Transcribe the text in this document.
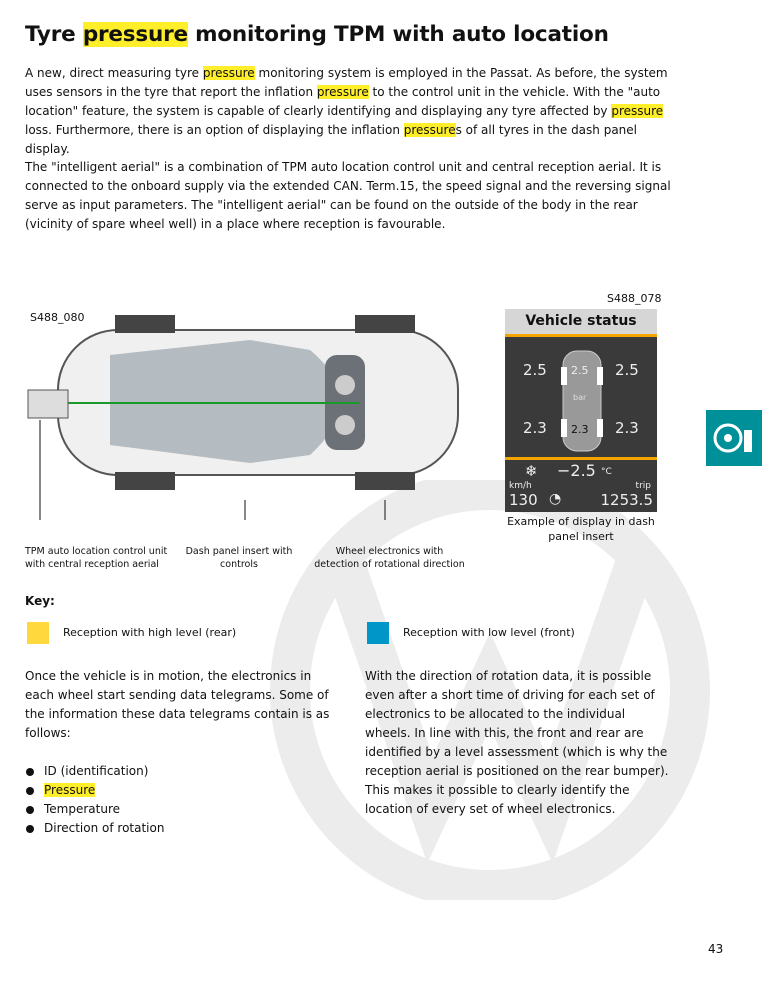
Tyre pressure monitoring TPM with auto location

A new, direct measuring tyre pressure monitoring system is employed in the Passat. As before, the system uses sensors in the tyre that report the inflation pressure to the control unit in the vehicle. With the "auto location" feature, the system is capable of clearly identifying and displaying any tyre affected by pressure loss. Furthermore, there is an option of displaying the inflation pressures of all tyres in the dash panel display.

The "intelligent aerial" is a combination of TPM auto location control unit and central reception aerial. It is connected to the onboard supply via the extended CAN. Term.15, the speed signal and the reversing signal serve as input parameters. The "intelligent aerial" can be found on the outside of the body in the rear (vicinity of spare wheel well) in a place where reception is favourable.

S488_080
S488_078
Vehicle status
2.5	2.5
2.3	2.3
2.5
2.3
bar
❄ −2.5 °C
km/h
130 ◔
trip
1253.5
Example of display in dash panel insert
TPM auto location control unit with central reception aerial
Dash panel insert with controls
Wheel electronics with detection of rotational direction
Key:
Reception with high level (rear)	Reception with low level (front)
Once the vehicle is in motion, the electronics in each wheel start sending data telegrams. Some of the information these data telegrams contain is as follows:
ID (identification)
Pressure
Temperature
Direction of rotation
With the direction of rotation data, it is possible even after a short time of driving for each set of electronics to be allocated to the individual wheels. In line with this, the front and rear are identified by a level assessment (which is why the reception aerial is positioned on the rear bumper). This makes it possible to clearly identify the location of every set of wheel electronics.
43
